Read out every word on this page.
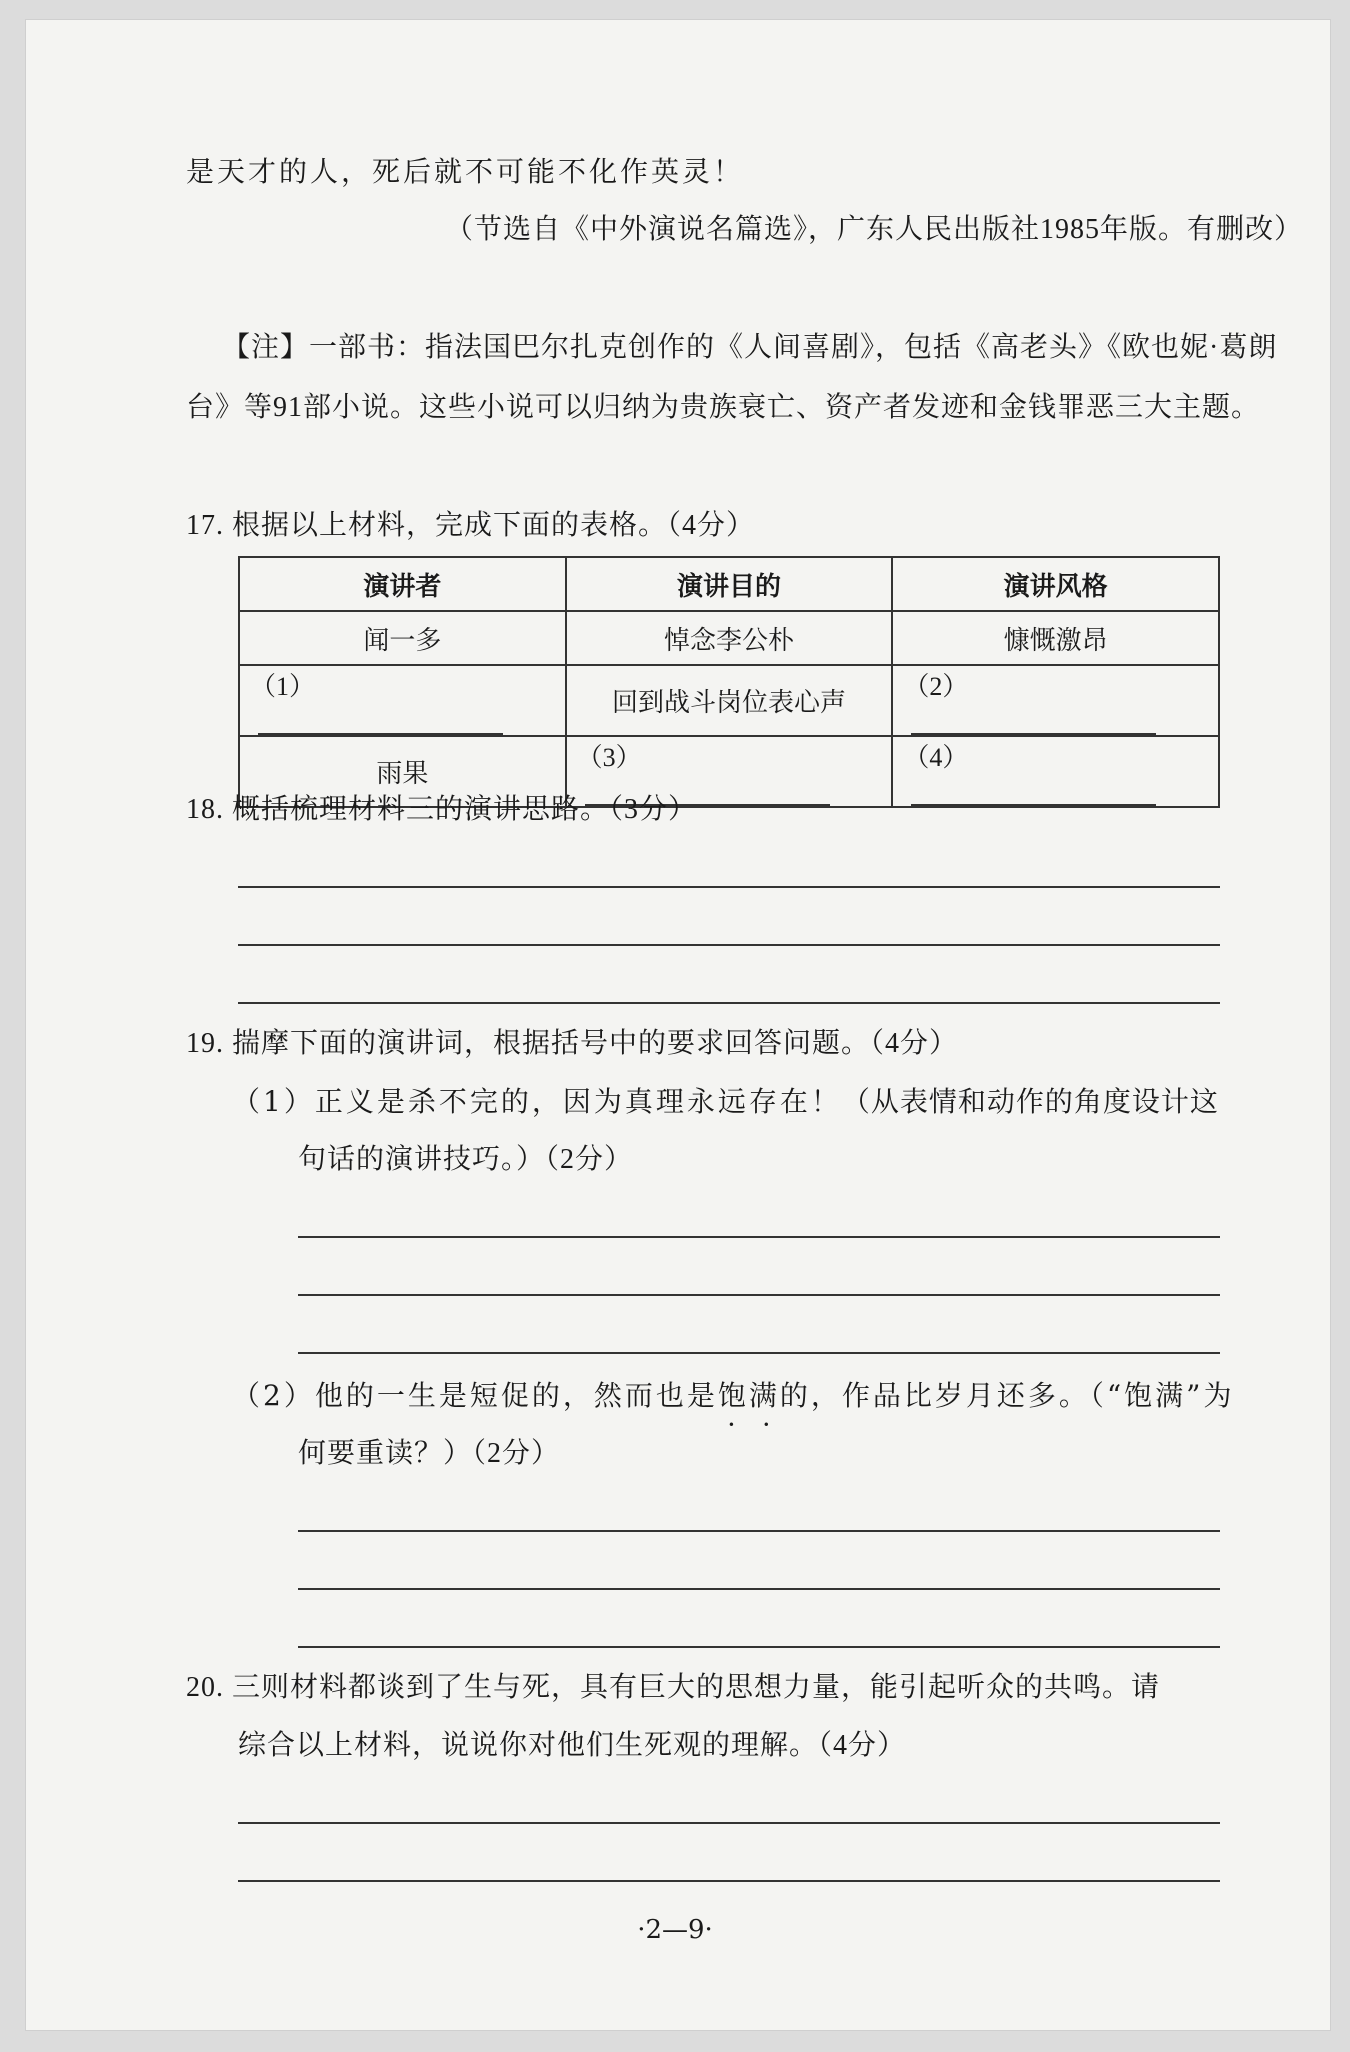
是天才的人，死后就不可能不化作英灵！
（节选自《中外演说名篇选》，广东人民出版社1985年版。有删改）
【注】一部书：指法国巴尔扎克创作的《人间喜剧》，包括《高老头》《欧也妮·葛朗
台》等91部小说。这些小说可以归纳为贵族衰亡、资产者发迹和金钱罪恶三大主题。
17. 根据以上材料，完成下面的表格。（4分）
演讲者	演讲目的	演讲风格
闻一多	悼念李公朴	慷慨激昂
（1）	回到战斗岗位表心声	（2）
雨果	（3）	（4）
18. 概括梳理材料三的演讲思路。（3分）
19. 揣摩下面的演讲词，根据括号中的要求回答问题。（4分）
（1）正义是杀不完的，因为真理永远存在！（从表情和动作的角度设计这
句话的演讲技巧。）（2分）
（2）他的一生是短促的，然而也是饱满 • •的，作品比岁月还多。（“饱满”为
何要重读？）（2分）
20. 三则材料都谈到了生与死，具有巨大的思想力量，能引起听众的共鸣。请
综合以上材料，说说你对他们生死观的理解。（4分）
·2—9·
